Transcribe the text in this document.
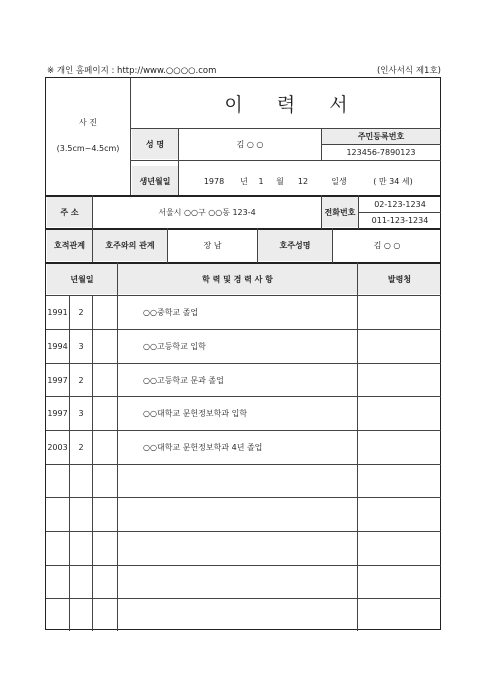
※ 개인 홈페이지 : http://www.○○○○.com	(인사서식 제1호)
사 진
(3.5cm~4.5cm)
이 력 서
성 명	김 ○ ○
주민등록번호
123456-7890123
생년월일	1978	년	1	월	12	일생	( 만 34 세)
주 소	서울시 ○○구 ○○동 123-4	전화번호
02-123-1234
011-123-1234
호적관계	호주와의 관계	장 남	호주성명	김 ○ ○
년월일	학 력 및 경 력 사 항	발령청
1991	2	○○중학교 졸업
1994	3	○○고등학교 입학
1997	2	○○고등학교 문과 졸업
1997	3	○○대학교 문헌정보학과 입학
2003	2	○○대학교 문헌정보학과 4년 졸업
